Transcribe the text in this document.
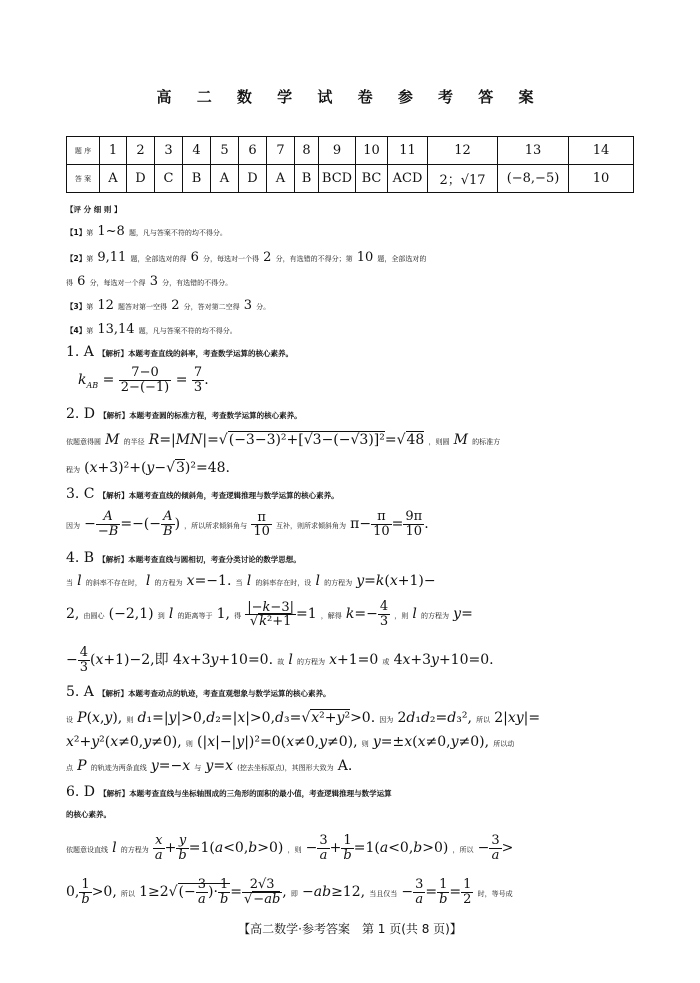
高 二 数 学 试 卷 参 考 答 案
题 序	1	2	3	4	5	6	7	8	9	10	11	12	13	14
答 案	A	D	C	B	A	D	A	B	BCD	BC	ACD	2；√17	(−8,−5)	10
【评 分 细 则 】
【1】第 1~8 题，凡与答案不符的均不得分。
【2】第 9,11 题，全部选对的得 6 分，每选对一个得 2 分，有选错的不得分；第 10 题，全部选对的
得 6 分，每选对一个得 3 分，有选错的不得分。
【3】第 12 题答对第一空得 2 分，答对第二空得 3 分。
【4】第 13,14 题，凡与答案不符的均不得分。
1. A 【解析】本题考查直线的斜率，考查数学运算的核心素养。
$k_{AB} = \frac{7-0}{2-(-1)} = \frac{7}{3}$ .
2. D 【解析】本题考查圆的标准方程，考查数学运算的核心素养。
依题意得圆 M 的半径 R=|MN|=√(−3−3)²+[√3−(−√3)]²=√48 ，则圆 M 的标准方
程为 (x+3)²+(y−√3)²=48.
3. C 【解析】本题考查直线的倾斜角，考查逻辑推理与数学运算的核心素养。
因为 − $\frac{A}{-B}$ =−(− $\frac{A}{B}$ ) ，所以所求倾斜角与 $\frac{\pi}{10}$ 互补，则所求倾斜角为 $\pi- \frac{\pi}{10} = \frac{9\pi}{10}$ .
4. B 【解析】本题考查直线与圆相切，考查分类讨论的数学思想。
当 l 的斜率不存在时， l 的方程为 x=−1. 当 l 的斜率存在时，设 l 的方程为 y=k(x+1)−
2, 由圆心 (−2,1) 到 l 的距离等于 1, 得 $\frac{|-k-3|}{\text{√k²+1}} =1$ ，解得 $k=- \frac{4}{3}$ ，则 l 的方程为 y=
− $\frac{4}{3} (x+1)-2$,即 4x+3y+10=0. 故 l 的方程为 x+1=0 或 4x+3y+10=0.
5. A 【解析】本题考查动点的轨迹，考查直观想象与数学运算的核心素养。
设 P(x,y), 则 d₁=|y|>0,d₂=|x|>0,d₃=√x²+y²>0. 因为 2d₁d₂=d₃², 所以 2|xy|=
x²+y²(x≠0,y≠0), 则 (|x|−|y|)²=0(x≠0,y≠0), 则 y=±x(x≠0,y≠0), 所以动
点 P 的轨迹为两条直线 y=−x 与 y=x (挖去坐标原点)，其图形大致为 A.
6. D 【解析】本题考查直线与坐标轴围成的三角形的面积的最小值，考查逻辑推理与数学运算
的核心素养。
依题意设直线 l 的方程为 $\frac{x}{a} + \frac{y}{b} =1(a<0,b>0)$ ，则 − $\frac{3}{a} + \frac{1}{b} =1(a<0,b>0)$ ，所以 − $\frac{3}{a}$ >
0, $\frac{1}{b} >0$, 所以 $1\ge 2√(- \frac{3}{a}$ )· $\frac{1}{b} = \frac{2√3}{√-ab}$ , 即 −ab≥12, 当且仅当 − $\frac{3}{a} = \frac{1}{b} = \frac{1}{2}$ 时，等号成
【高二数学·参考答案　第 1 页(共 8 页)】
